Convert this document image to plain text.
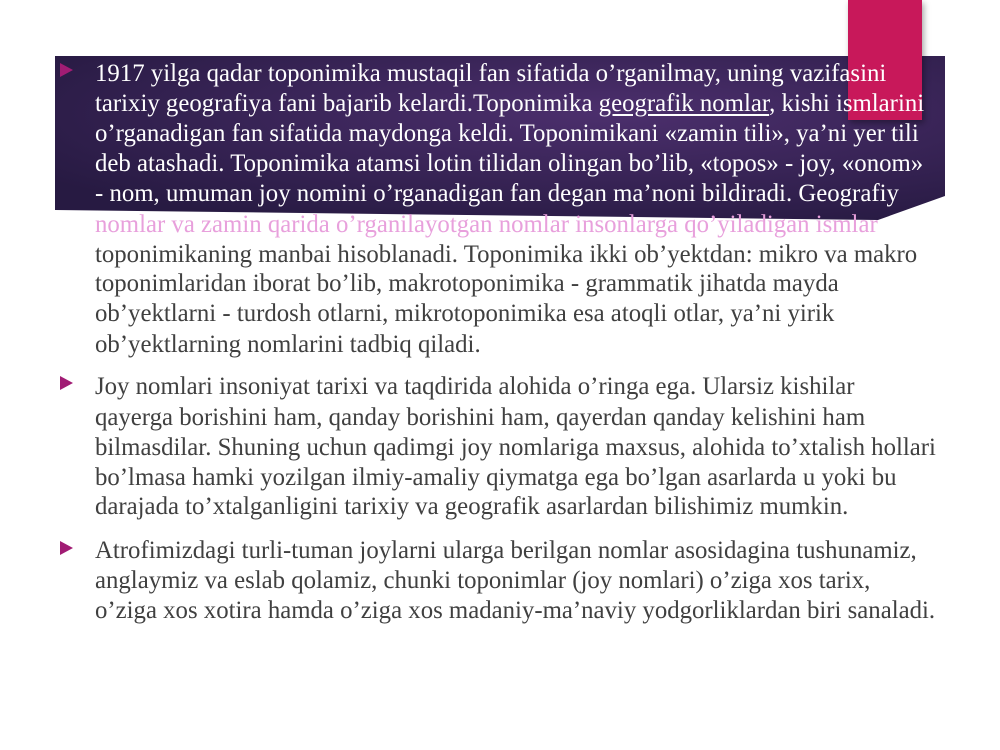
1917 yilga qadar toponimika mustaqil fan sifatida o’rganilmay, uning vazifasini
tarixiy geografiya fani bajarib kelardi.Toponimika geografik nomlar, kishi ismlarini
o’rganadigan fan sifatida maydonga keldi. Toponimikani «zamin tili», ya’ni yer tili
deb atashadi. Toponimika atamsi lotin tilidan olingan bo’lib, «topos» - joy, «onom»
- nom, umuman joy nomini o’rganadigan fan degan ma’noni bildiradi. Geografiy
nomlar va zamin qarida o’rganilayotgan nomlar insonlarga qo’yiladigan ismlar
toponimikaning manbai hisoblanadi. Toponimika ikki ob’yektdan: mikro va makro
toponimlaridan iborat bo’lib, makrotoponimika - grammatik jihatda mayda
ob’yektlarni - turdosh otlarni, mikrotoponimika esa atoqli otlar, ya’ni yirik
ob’yektlarning nomlarini tadbiq qiladi.
Joy nomlari insoniyat tarixi va taqdirida alohida o’ringa ega. Ularsiz kishilar
qayerga borishini ham, qanday borishini ham, qayerdan qanday kelishini ham
bilmasdilar. Shuning uchun qadimgi joy nomlariga maxsus, alohida to’xtalish hollari
bo’lmasa hamki yozilgan ilmiy-amaliy qiymatga ega bo’lgan asarlarda u yoki bu
darajada to’xtalganligini tarixiy va geografik asarlardan bilishimiz mumkin.
Atrofimizdagi turli-tuman joylarni ularga berilgan nomlar asosidagina tushunamiz,
anglaymiz va eslab qolamiz, chunki toponimlar (joy nomlari) o’ziga xos tarix,
o’ziga xos xotira hamda o’ziga xos madaniy-ma’naviy yodgorliklardan biri sanaladi.
